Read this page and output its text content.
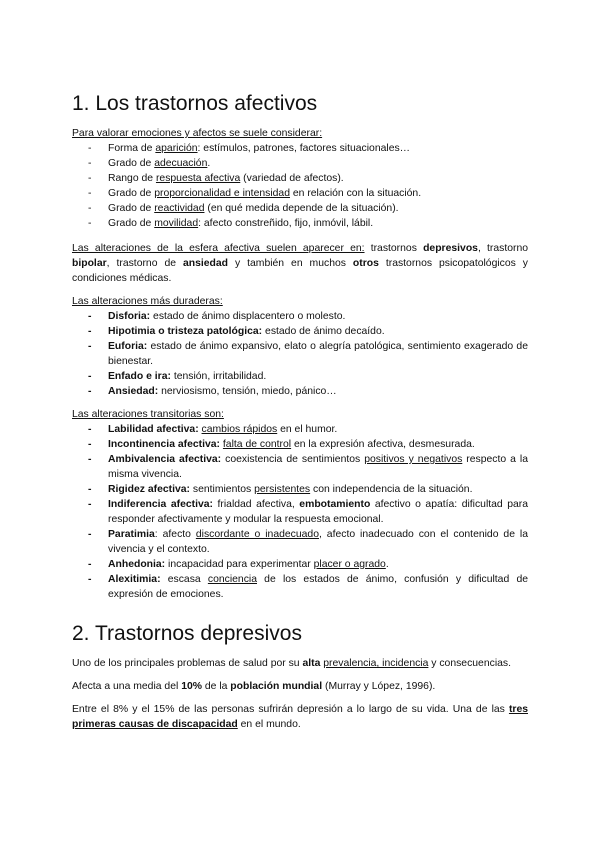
1. Los trastornos afectivos

Para valorar emociones y afectos se suele considerar:

- Forma de aparición: estímulos, patrones, factores situacionales…
- Grado de adecuación.
- Rango de respuesta afectiva (variedad de afectos).
- Grado de proporcionalidad e intensidad en relación con la situación.
- Grado de reactividad (en qué medida depende de la situación).
- Grado de movilidad: afecto constreñido, fijo, inmóvil, lábil.

Las alteraciones de la esfera afectiva suelen aparecer en: trastornos depresivos, trastorno bipolar, trastorno de ansiedad y también en muchos otros trastornos psicopatológicos y condiciones médicas.

Las alteraciones más duraderas:

- Disforia: estado de ánimo displacentero o molesto.
- Hipotimia o tristeza patológica: estado de ánimo decaído.
- Euforia: estado de ánimo expansivo, elato o alegría patológica, sentimiento exagerado de bienestar.
- Enfado e ira: tensión, irritabilidad.
- Ansiedad: nerviosismo, tensión, miedo, pánico…

Las alteraciones transitorias son:

- Labilidad afectiva: cambios rápidos en el humor.
- Incontinencia afectiva: falta de control en la expresión afectiva, desmesurada.
- Ambivalencia afectiva: coexistencia de sentimientos positivos y negativos respecto a la misma vivencia.
- Rigidez afectiva: sentimientos persistentes con independencia de la situación.
- Indiferencia afectiva: frialdad afectiva, embotamiento afectivo o apatía: dificultad para responder afectivamente y modular la respuesta emocional.
- Paratimia: afecto discordante o inadecuado, afecto inadecuado con el contenido de la vivencia y el contexto.
- Anhedonia: incapacidad para experimentar placer o agrado.
- Alexitimia: escasa conciencia de los estados de ánimo, confusión y dificultad de expresión de emociones.
2. Trastornos depresivos

Uno de los principales problemas de salud por su alta prevalencia, incidencia y consecuencias.

Afecta a una media del 10% de la población mundial (Murray y López, 1996).

Entre el 8% y el 15% de las personas sufrirán depresión a lo largo de su vida. Una de las tres primeras causas de discapacidad en el mundo.
